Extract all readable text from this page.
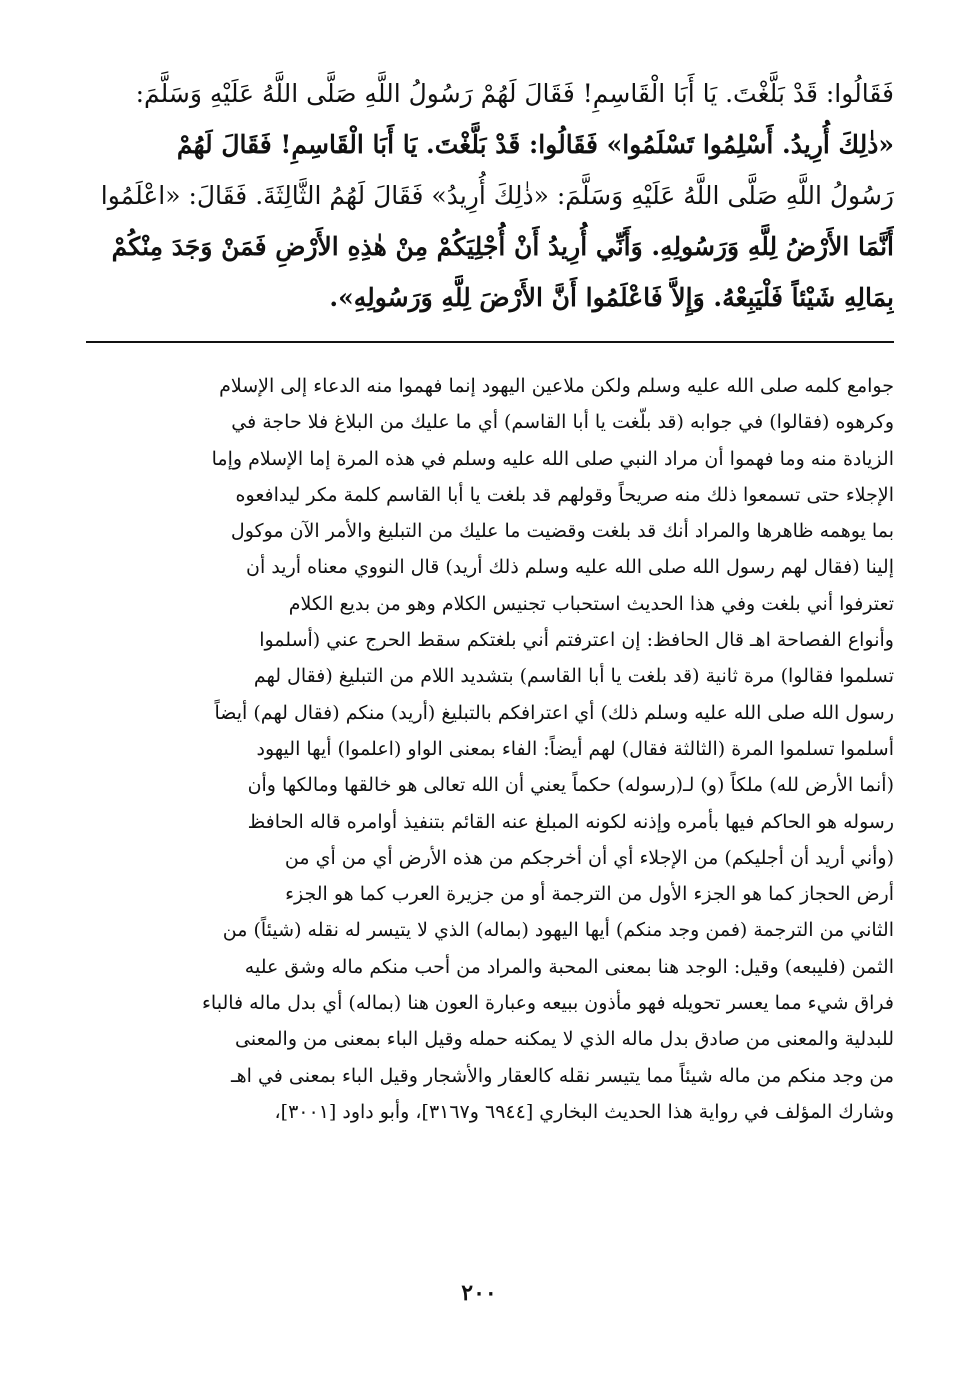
فَقَالُوا: قَدْ بَلَّغْتَ. يَا أَبَا الْقَاسِمِ! فَقَالَ لَهُمْ رَسُولُ اللَّهِ صَلَّى اللَّهُ عَلَيْهِ وَسَلَّمَ:
«ذٰلِكَ أُرِيدُ. أَسْلِمُوا تَسْلَمُوا» فَقَالُوا: قَدْ بَلَّغْتَ. يَا أَبَا الْقَاسِمِ! فَقَالَ لَهُمْ
رَسُولُ اللَّهِ صَلَّى اللَّهُ عَلَيْهِ وَسَلَّمَ: «ذٰلِكَ أُرِيدُ» فَقَالَ لَهُمُ الثَّالِثَةَ. فَقَالَ: «اعْلَمُوا
أَنَّمَا الأَرْضُ لِلَّهِ وَرَسُولِهِ. وَأَنِّي أُرِيدُ أَنْ أُجْلِيَكُمْ مِنْ هٰذِهِ الأَرْضِ فَمَنْ وَجَدَ مِنْكُمْ
بِمَالِهِ شَيْئاً فَلْيَبِعْهُ. وَإِلاَّ فَاعْلَمُوا أَنَّ الأَرْضَ لِلَّهِ وَرَسُولِهِ».
جوامع كلمه صلى الله عليه وسلم ولكن ملاعين اليهود إنما فهموا منه الدعاء إلى الإسلام
وكرهوه (فقالوا) في جوابه (قد بلّغت يا أبا القاسم) أي ما عليك من البلاغ فلا حاجة في
الزيادة منه وما فهموا أن مراد النبي صلى الله عليه وسلم في هذه المرة إما الإسلام وإما
الإجلاء حتى تسمعوا ذلك منه صريحاً وقولهم قد بلغت يا أبا القاسم كلمة مكر ليدافعوه
بما يوهمه ظاهرها والمراد أنك قد بلغت وقضيت ما عليك من التبليغ والأمر الآن موكول
إلينا (فقال لهم رسول الله صلى الله عليه وسلم ذلك أريد) قال النووي معناه أريد أن
تعترفوا أني بلغت وفي هذا الحديث استحباب تجنيس الكلام وهو من بديع الكلام
وأنواع الفصاحة اهـ قال الحافظ: إن اعترفتم أني بلغتكم سقط الحرج عني (أسلموا
تسلموا فقالوا) مرة ثانية (قد بلغت يا أبا القاسم) بتشديد اللام من التبليغ (فقال لهم
رسول الله صلى الله عليه وسلم ذلك) أي اعترافكم بالتبليغ (أريد) منكم (فقال لهم) أيضاً
أسلموا تسلموا المرة (الثالثة فقال) لهم أيضاً: الفاء بمعنى الواو (اعلموا) أيها اليهود
(أنما الأرض لله) ملكاً (و) لـ(رسوله) حكماً يعني أن الله تعالى هو خالقها ومالكها وأن
رسوله هو الحاكم فيها بأمره وإذنه لكونه المبلغ عنه القائم بتنفيذ أوامره قاله الحافظ
(وأني أريد أن أجليكم) من الإجلاء أي أن أخرجكم من هذه الأرض أي من أي من
أرض الحجاز كما هو الجزء الأول من الترجمة أو من جزيرة العرب كما هو الجزء
الثاني من الترجمة (فمن وجد منكم) أيها اليهود (بماله) الذي لا يتيسر له نقله (شيئاً) من
الثمن (فليبعه) وقيل: الوجد هنا بمعنى المحبة والمراد من أحب منكم ماله وشق عليه
فراق شيء مما يعسر تحويله فهو مأذون ببيعه وعبارة العون هنا (بماله) أي بدل ماله فالباء
للبدلية والمعنى من صادق بدل ماله الذي لا يمكنه حمله وقيل الباء بمعنى من والمعنى
من وجد منكم من ماله شيئاً مما يتيسر نقله كالعقار والأشجار وقيل الباء بمعنى في اهـ
وشارك المؤلف في رواية هذا الحديث البخاري [٦٩٤٤ و٣١٦٧]، وأبو داود [٣٠٠١]،
٢٠٠
